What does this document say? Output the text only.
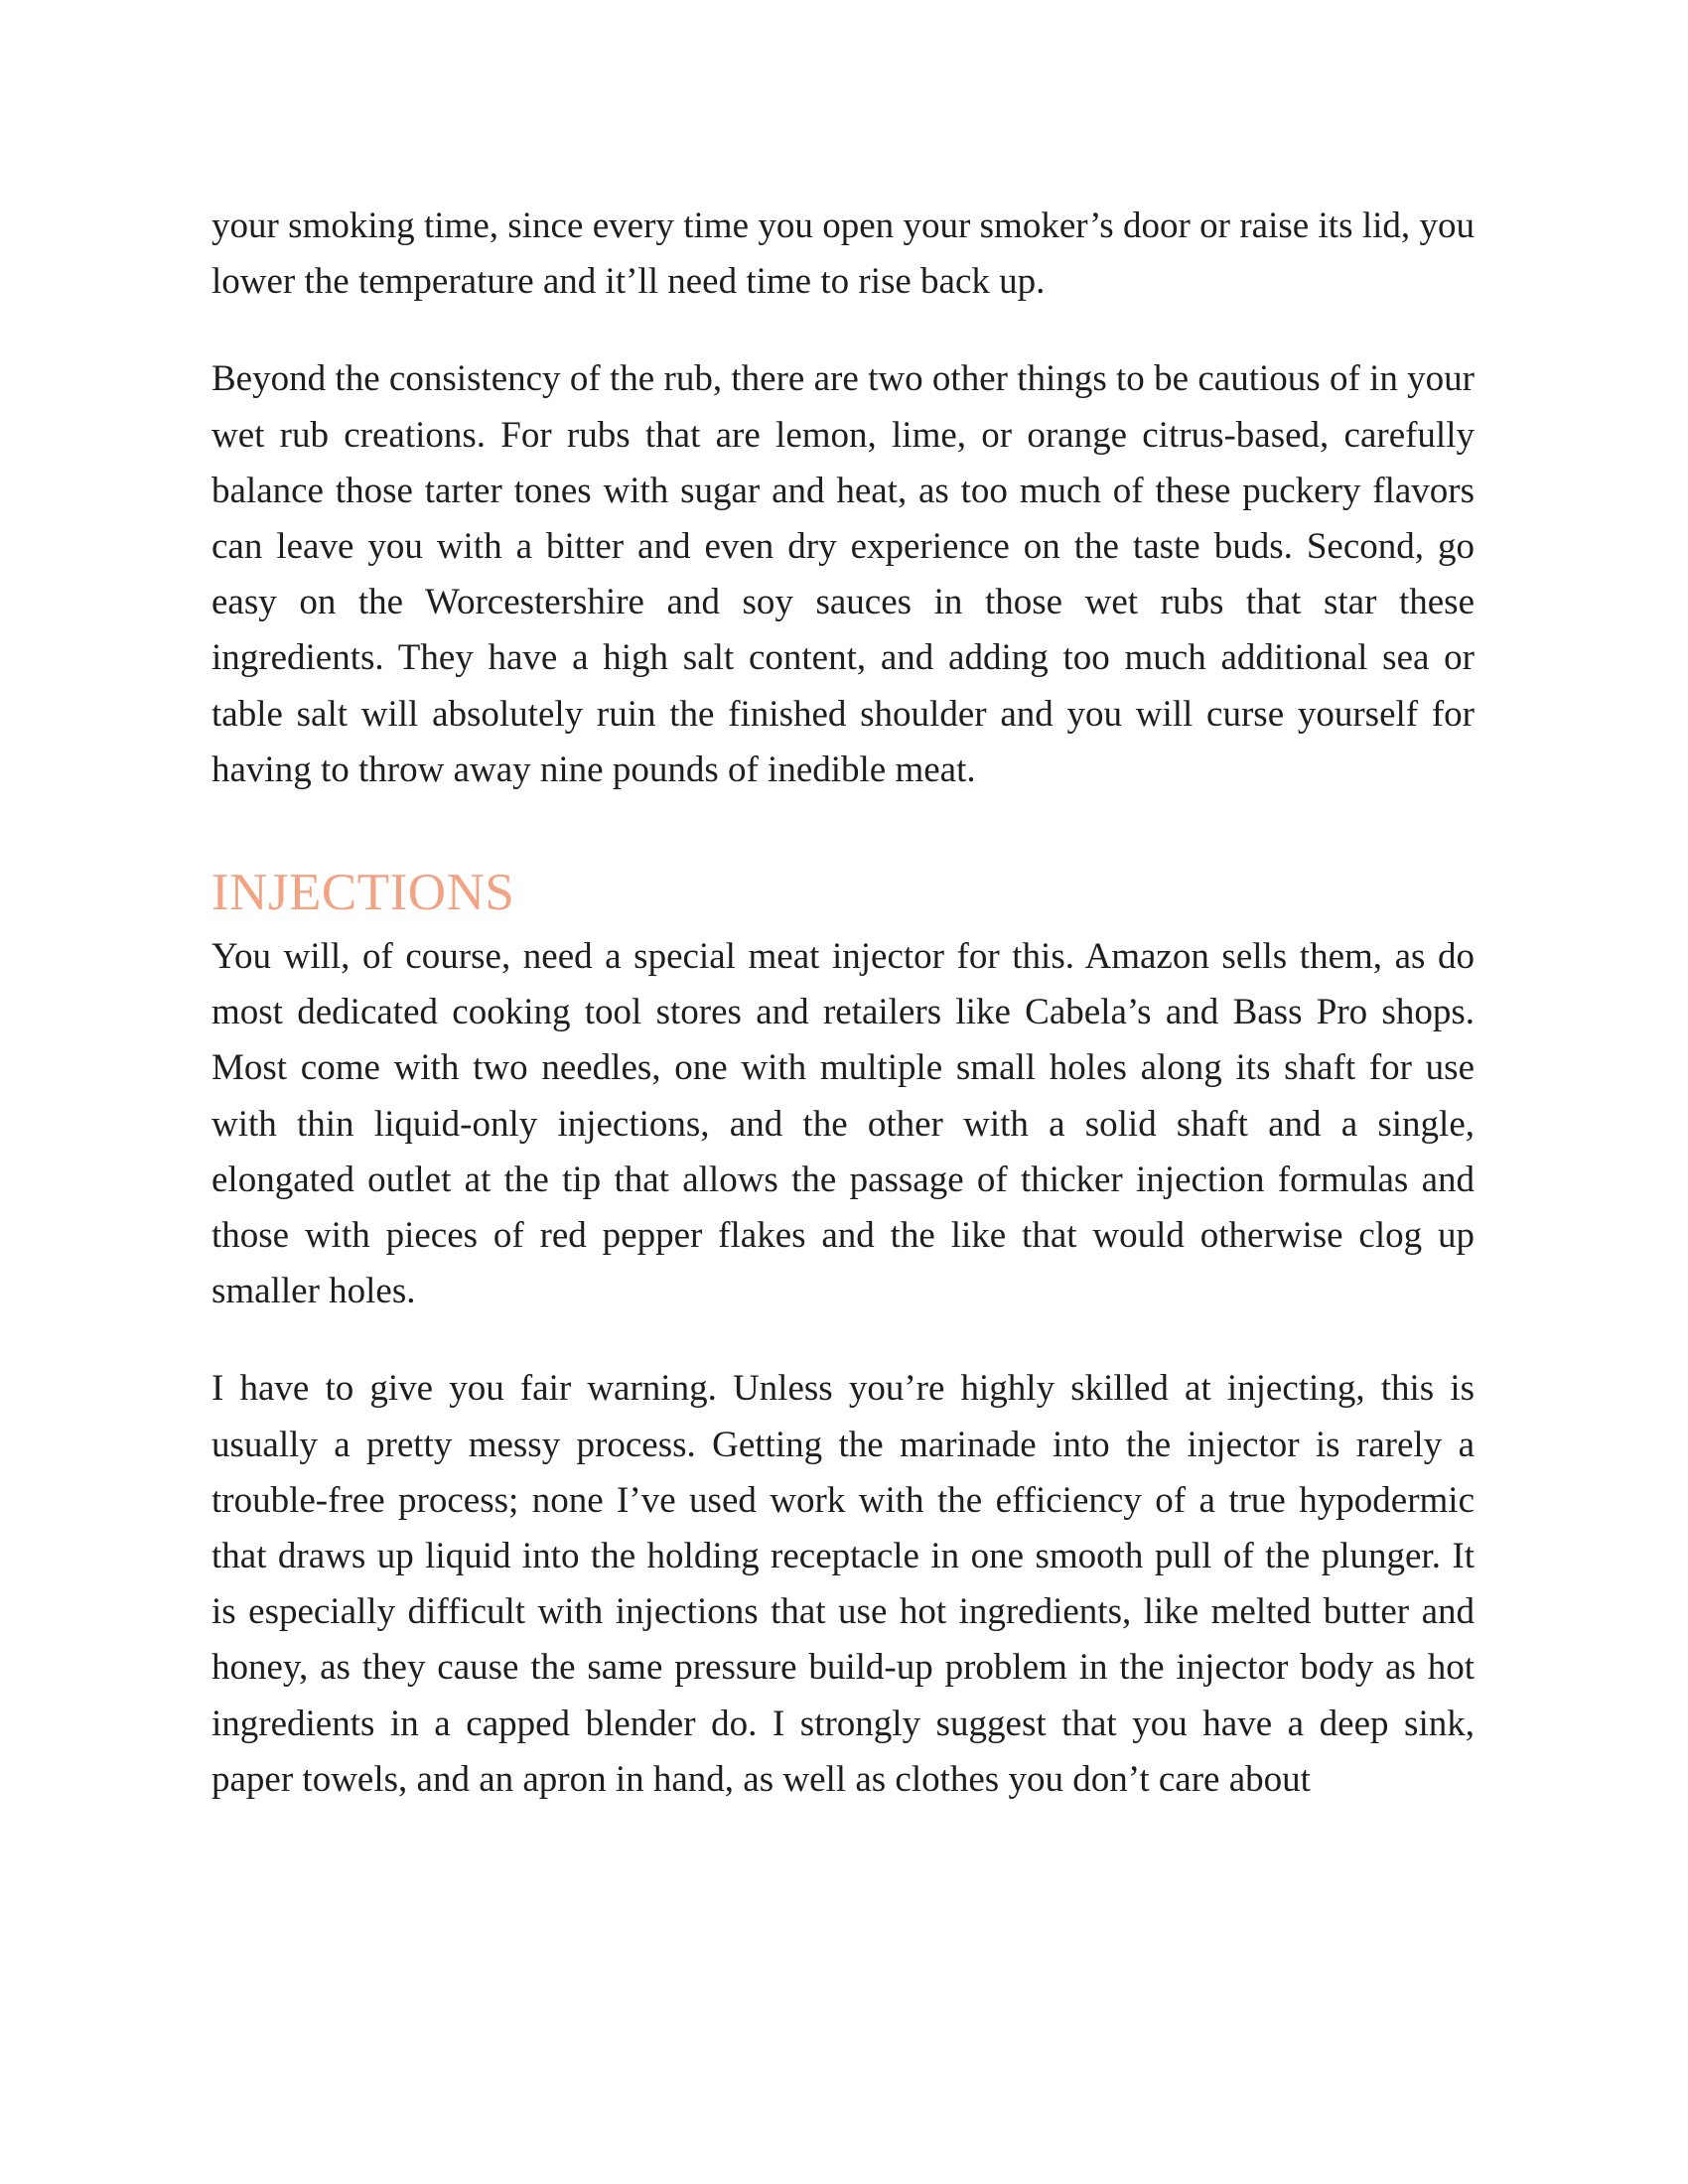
your smoking time, since every time you open your smoker’s door or raise its lid, you lower the temperature and it’ll need time to rise back up.

Beyond the consistency of the rub, there are two other things to be cautious of in your wet rub creations. For rubs that are lemon, lime, or orange citrus-based, carefully balance those tarter tones with sugar and heat, as too much of these puckery flavors can leave you with a bitter and even dry experience on the taste buds. Second, go easy on the Worcestershire and soy sauces in those wet rubs that star these ingredients. They have a high salt content, and adding too much additional sea or table salt will absolutely ruin the finished shoulder and you will curse yourself for having to throw away nine pounds of inedible meat.

INJECTIONS

You will, of course, need a special meat injector for this. Amazon sells them, as do most dedicated cooking tool stores and retailers like Cabela’s and Bass Pro shops. Most come with two needles, one with multiple small holes along its shaft for use with thin liquid-only injections, and the other with a solid shaft and a single, elongated outlet at the tip that allows the passage of thicker injection formulas and those with pieces of red pepper flakes and the like that would otherwise clog up smaller holes.

I have to give you fair warning. Unless you’re highly skilled at injecting, this is usually a pretty messy process. Getting the marinade into the injector is rarely a trouble-free process; none I’ve used work with the efficiency of a true hypodermic that draws up liquid into the holding receptacle in one smooth pull of the plunger. It is especially difficult with injections that use hot ingredients, like melted butter and honey, as they cause the same pressure build-up problem in the injector body as hot ingredients in a capped blender do. I strongly suggest that you have a deep sink, paper towels, and an apron in hand, as well as clothes you don’t care about
